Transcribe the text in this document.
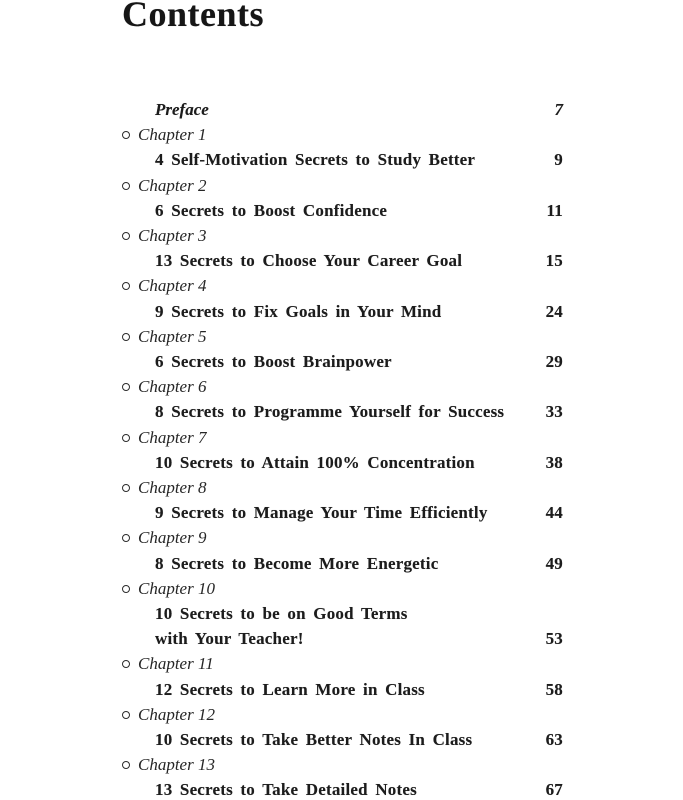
Contents
Preface	7
Chapter 1
4 Self-Motivation Secrets to Study Better	9
Chapter 2
6 Secrets to Boost Confidence	11
Chapter 3
13 Secrets to Choose Your Career Goal	15
Chapter 4
9 Secrets to Fix Goals in Your Mind	24
Chapter 5
6 Secrets to Boost Brainpower	29
Chapter 6
8 Secrets to Programme Yourself for Success 33
Chapter 7
10 Secrets to Attain 100% Concentration	38
Chapter 8
9 Secrets to Manage Your Time Efficiently	44
Chapter 9
8 Secrets to Become More Energetic	49
Chapter 10
10 Secrets to be on Good Terms
with Your Teacher!	53
Chapter 11
12 Secrets to Learn More in Class	58
Chapter 12
10 Secrets to Take Better Notes In Class	63
Chapter 13
13 Secrets to Take Detailed Notes	67
